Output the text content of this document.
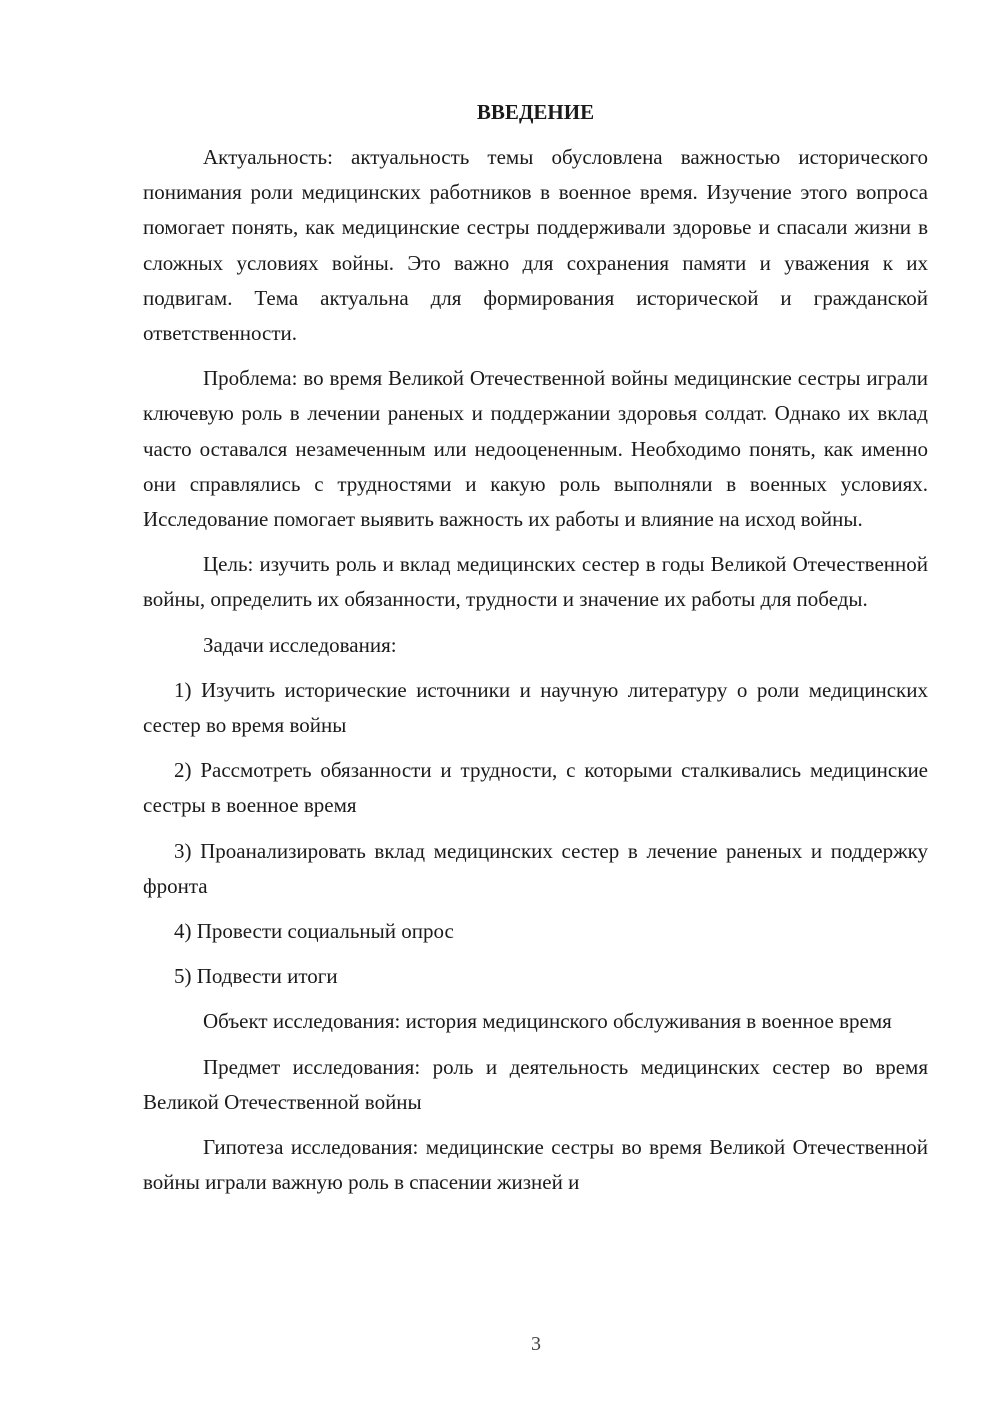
ВВЕДЕНИЕ

Актуальность: актуальность темы обусловлена важностью исторического понимания роли медицинских работников в военное время. Изучение этого вопроса помогает понять, как медицинские сестры поддерживали здоровье и спасали жизни в сложных условиях войны. Это важно для сохранения памяти и уважения к их подвигам. Тема актуальна для формирования исторической и гражданской ответственности.

Проблема: во время Великой Отечественной войны медицинские сестры играли ключевую роль в лечении раненых и поддержании здоровья солдат. Однако их вклад часто оставался незамеченным или недооцененным. Необходимо понять, как именно они справлялись с трудностями и какую роль выполняли в военных условиях. Исследование помогает выявить важность их работы и влияние на исход войны.

Цель: изучить роль и вклад медицинских сестер в годы Великой Отечественной войны, определить их обязанности, трудности и значение их работы для победы.

Задачи исследования:

1) Изучить исторические источники и научную литературу о роли медицинских сестер во время войны

2) Рассмотреть обязанности и трудности, с которыми сталкивались медицинские сестры в военное время

3) Проанализировать вклад медицинских сестер в лечение раненых и поддержку фронта

4) Провести социальный опрос

5) Подвести итоги

Объект исследования: история медицинского обслуживания в военное время

Предмет исследования: роль и деятельность медицинских сестер во время Великой Отечественной войны

Гипотеза исследования: медицинские сестры во время Великой Отечественной войны играли важную роль в спасении жизней и

3
